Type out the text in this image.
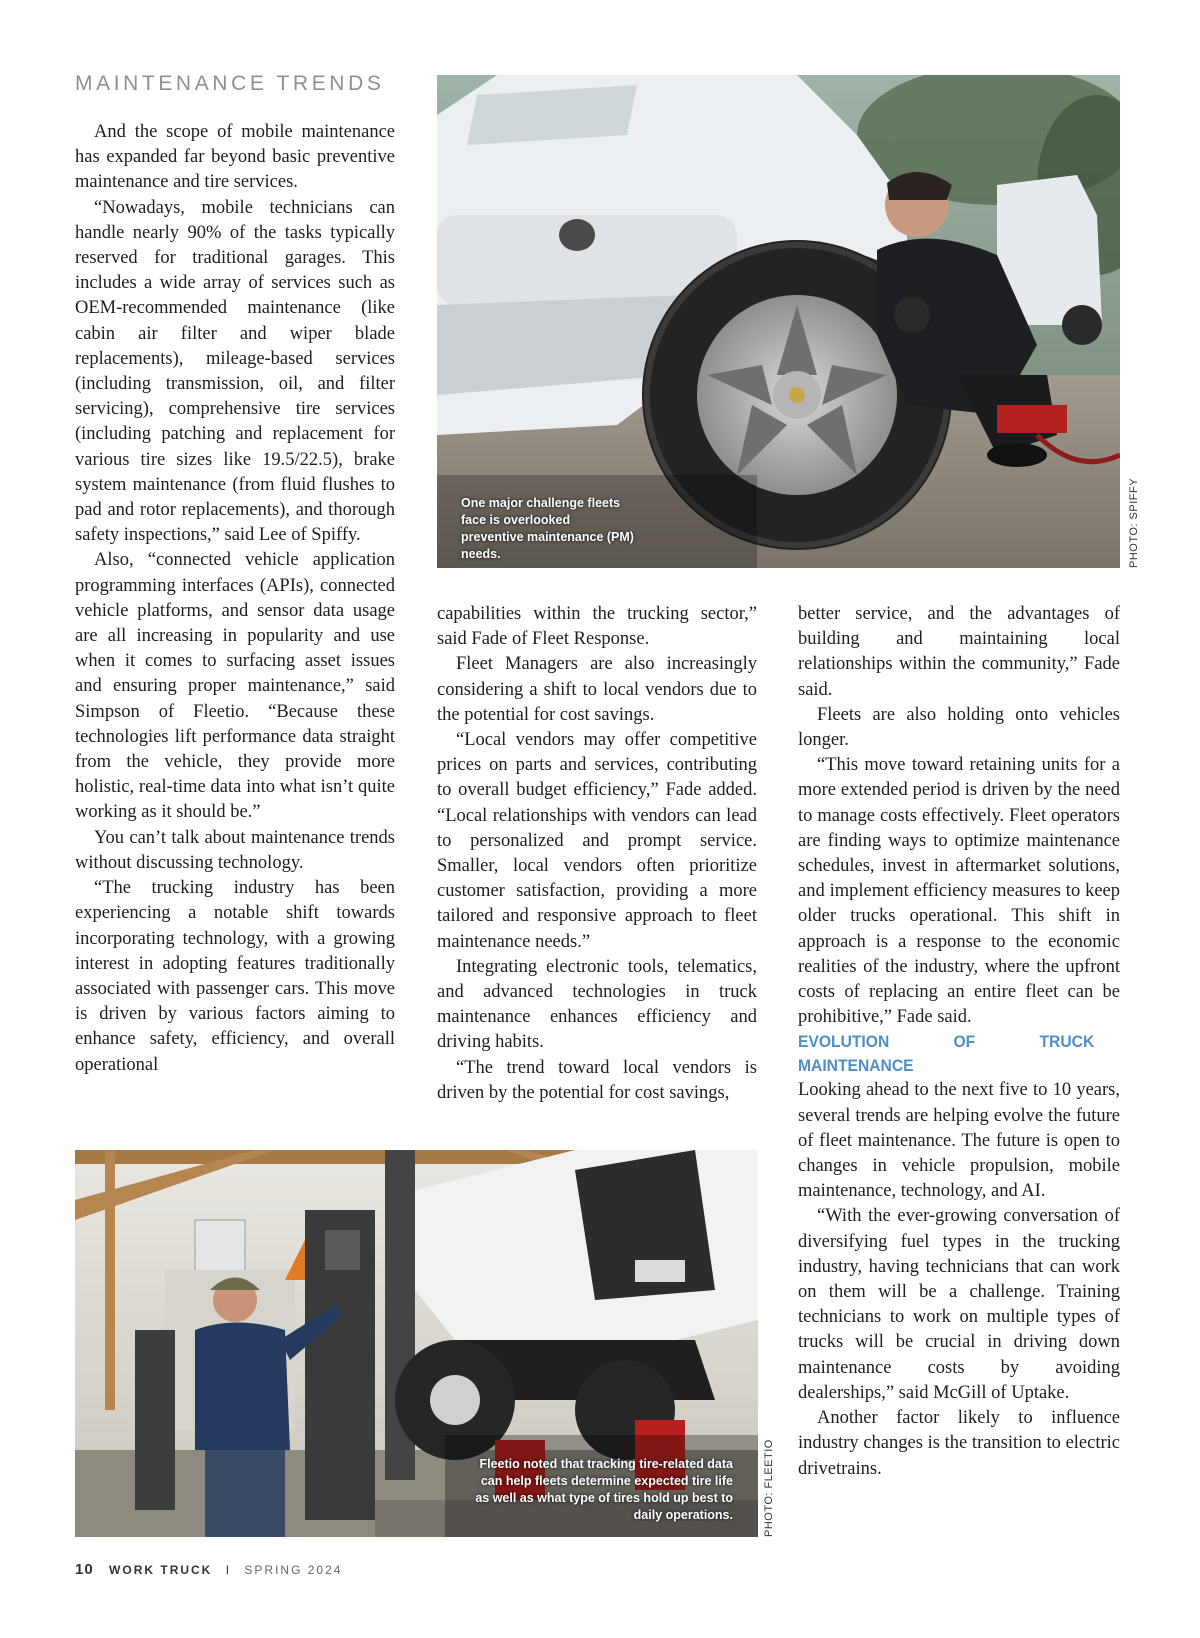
MAINTENANCE TRENDS

And the scope of mobile maintenance has expanded far beyond basic preventive maintenance and tire services.

“Nowadays, mobile technicians can handle nearly 90% of the tasks typically reserved for traditional garages. This includes a wide array of services such as OEM-recommended maintenance (like cabin air filter and wiper blade replacements), mileage-based services (including transmission, oil, and filter servicing), comprehensive tire services (including patching and replacement for various tire sizes like 19.5/22.5), brake system maintenance (from fluid flushes to pad and rotor replacements), and thorough safety inspections,” said Lee of Spiffy.

Also, “connected vehicle application programming interfaces (APIs), connected vehicle platforms, and sensor data usage are all increasing in popularity and use when it comes to surfacing asset issues and ensuring proper maintenance,” said Simpson of Fleetio. “Because these technologies lift performance data straight from the vehicle, they provide more holistic, real-time data into what isn’t quite working as it should be.”

You can’t talk about maintenance trends without discussing technology.

“The trucking industry has been experiencing a notable shift towards incorporating technology, with a growing interest in adopting features traditionally associated with passenger cars. This move is driven by various factors aiming to enhance safety, efficiency, and overall operational

capabilities within the trucking sector,” said Fade of Fleet Response.

Fleet Managers are also increasingly considering a shift to local vendors due to the potential for cost savings.

“Local vendors may offer competitive prices on parts and services, contributing to overall budget efficiency,” Fade added. “Local relationships with vendors can lead to personalized and prompt service. Smaller, local vendors often prioritize customer satisfaction, providing a more tailored and responsive approach to fleet maintenance needs.”

Integrating electronic tools, telematics, and advanced technologies in truck maintenance enhances efficiency and driving habits.

“The trend toward local vendors is driven by the potential for cost savings,

better service, and the advantages of building and maintaining local relationships within the community,” Fade said.

Fleets are also holding onto vehicles longer.

“This move toward retaining units for a more extended period is driven by the need to manage costs effectively. Fleet operators are finding ways to optimize maintenance schedules, invest in aftermarket solutions, and implement efficiency measures to keep older trucks operational. This shift in approach is a response to the economic realities of the industry, where the upfront costs of replacing an entire fleet can be prohibitive,” Fade said.

EVOLUTION OF TRUCK MAINTENANCE

Looking ahead to the next five to 10 years, several trends are helping evolve the future of fleet maintenance. The future is open to changes in vehicle propulsion, mobile maintenance, technology, and AI.

“With the ever-growing conversation of diversifying fuel types in the trucking industry, having technicians that can work on them will be a challenge. Training technicians to work on multiple types of trucks will be crucial in driving down maintenance costs by avoiding dealerships,” said McGill of Uptake.

Another factor likely to influence industry changes is the transition to electric drivetrains.

One major challenge fleets face is overlooked preventive maintenance (PM) needs.	PHOTO: SPIFFY
Fleetio noted that tracking tire-related data can help fleets determine expected tire life as well as what type of tires hold up best to daily operations.	PHOTO: FLEETIO
10 WORK TRUCK I SPRING 2024
